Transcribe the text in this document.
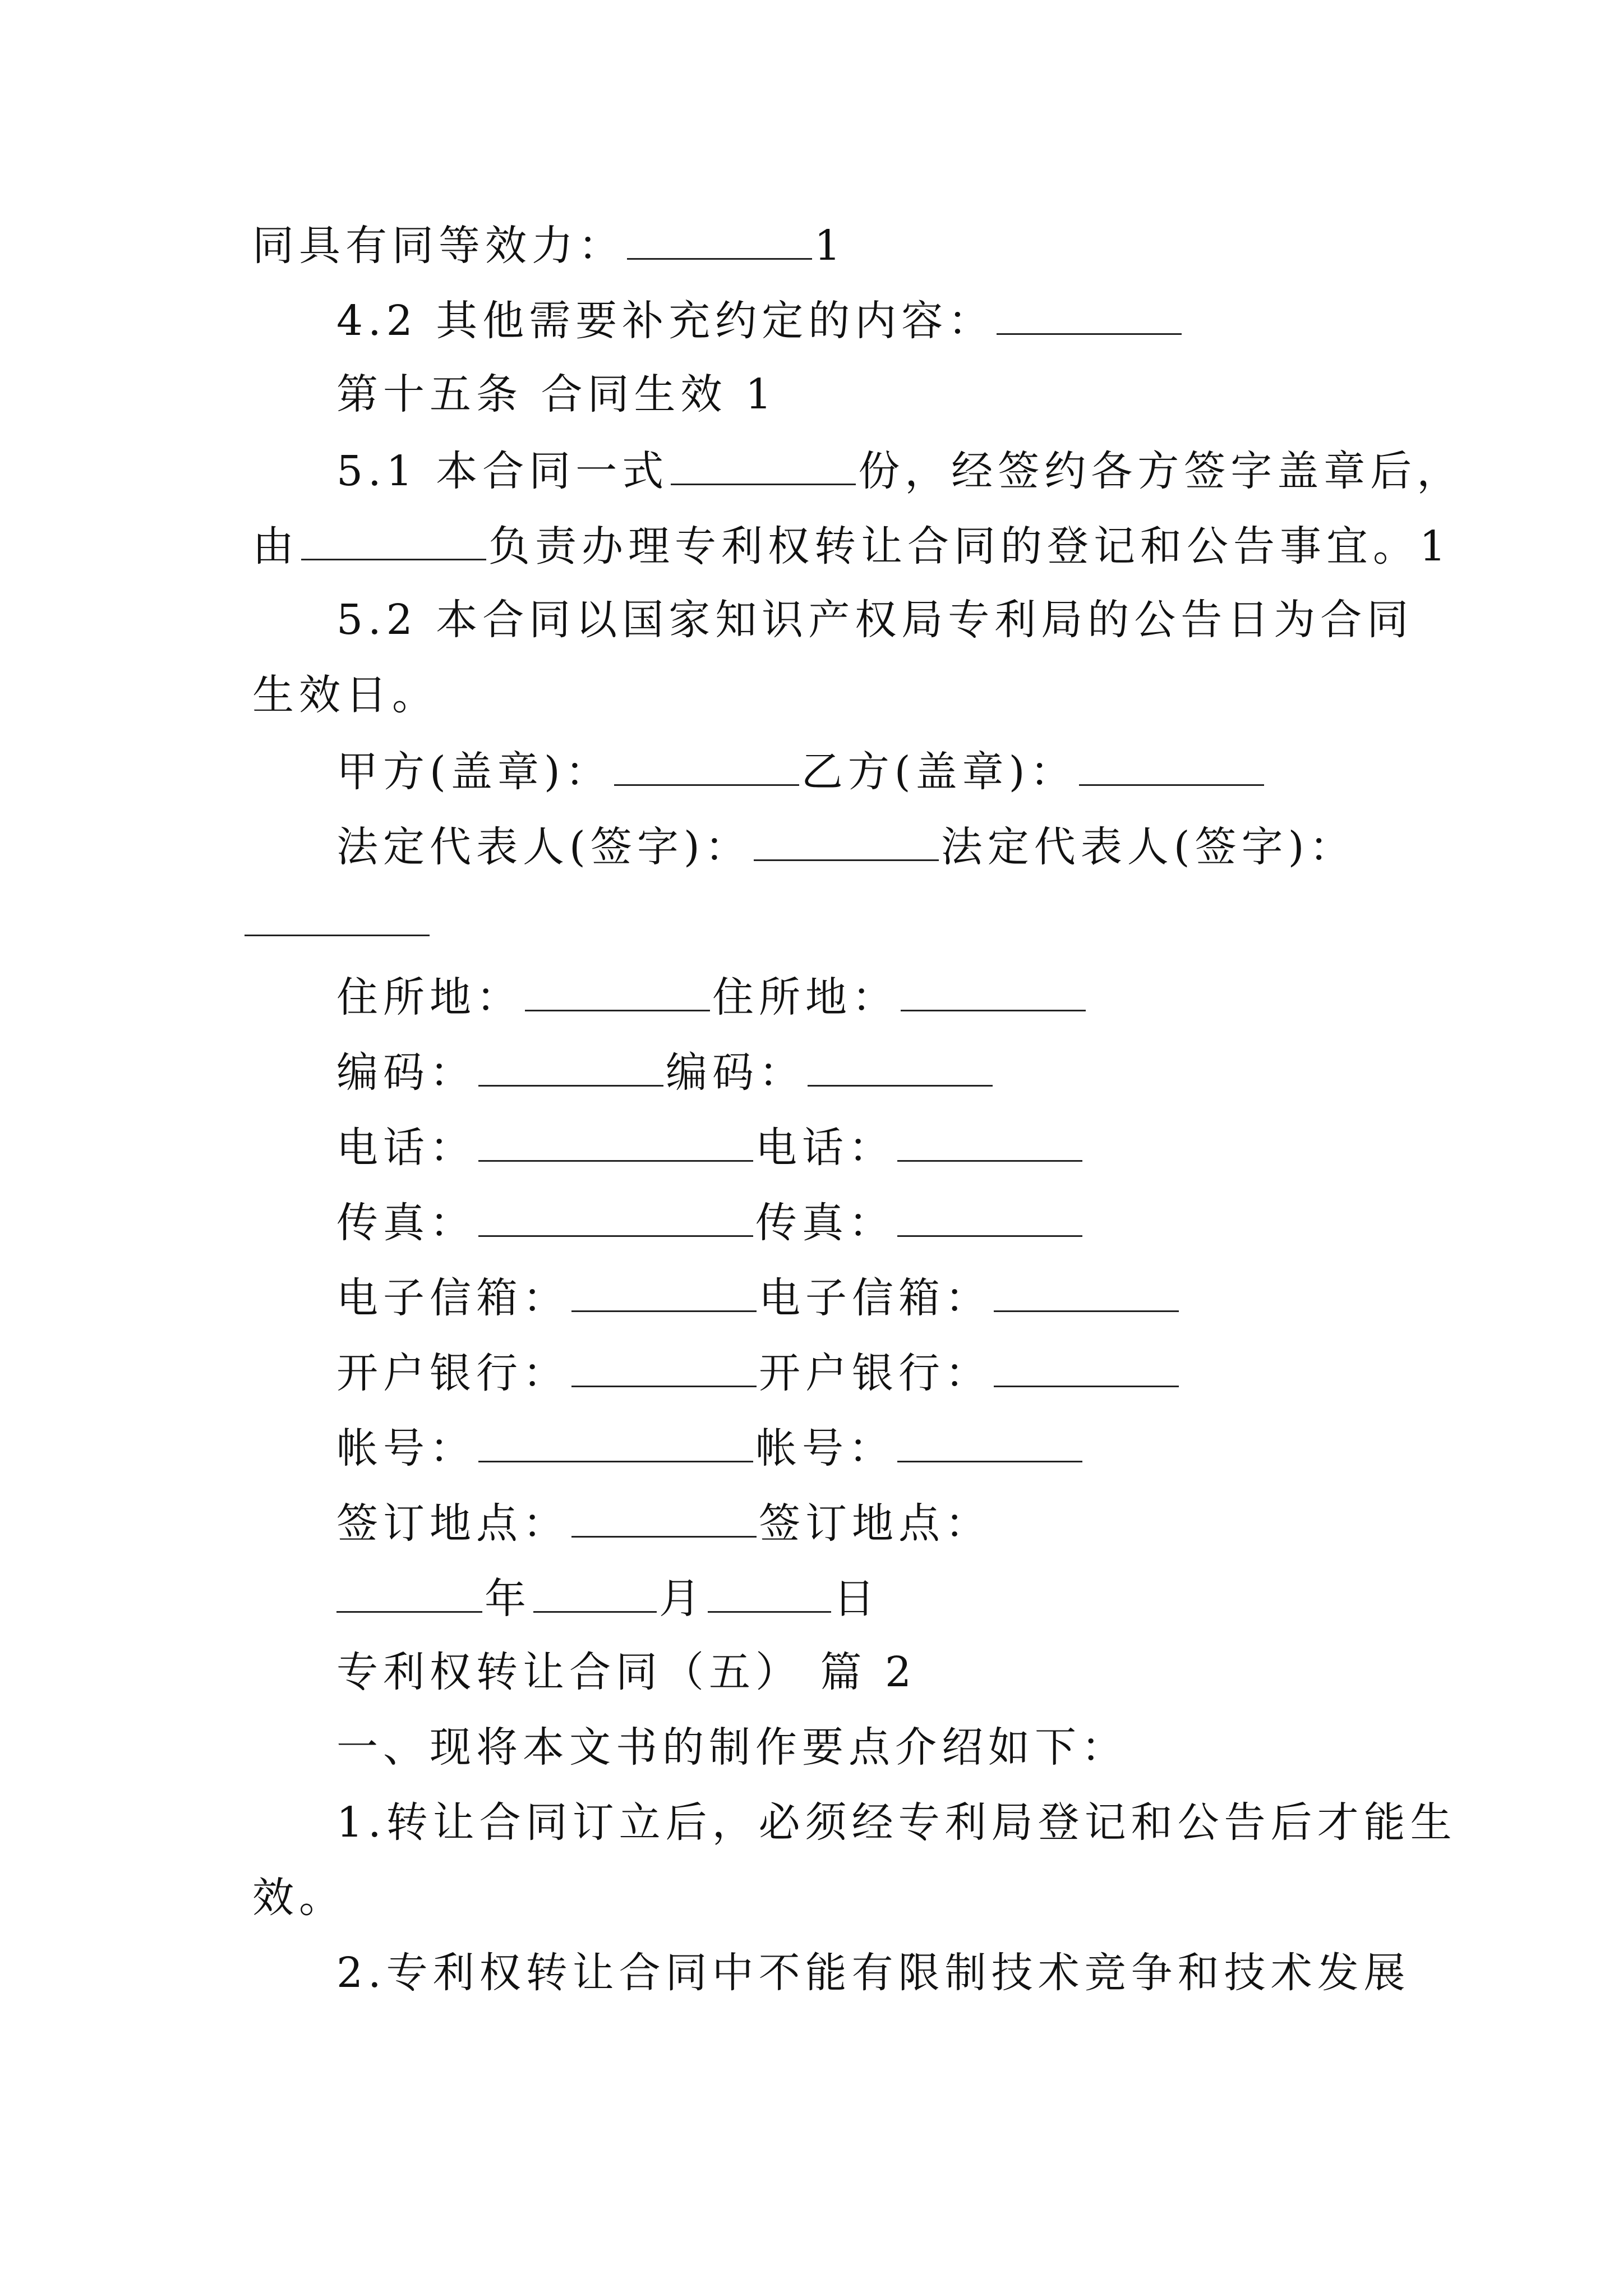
同具有同等效力：	1
4.2 其他需要补充约定的内容：
第十五条 合同生效 1
5.1 本合同一式	份，经签约各方签字盖章后，
由	负责办理专利权转让合同的登记和公告事宜。1
5.2 本合同以国家知识产权局专利局的公告日为合同
生效日。
甲方(盖章)：	乙方(盖章)：
法定代表人(签字)：	法定代表人(签字)：
住所地：	住所地：
编码：	编码：
电话：	电话：
传真：	传真：
电子信箱：	电子信箱：
开户银行：	开户银行：
帐号：	帐号：
签订地点：	签订地点：
年	月	日
专利权转让合同（五） 篇 2
一、现将本文书的制作要点介绍如下：
1.转让合同订立后，必须经专利局登记和公告后才能生
效。
2.专利权转让合同中不能有限制技术竞争和技术发展
